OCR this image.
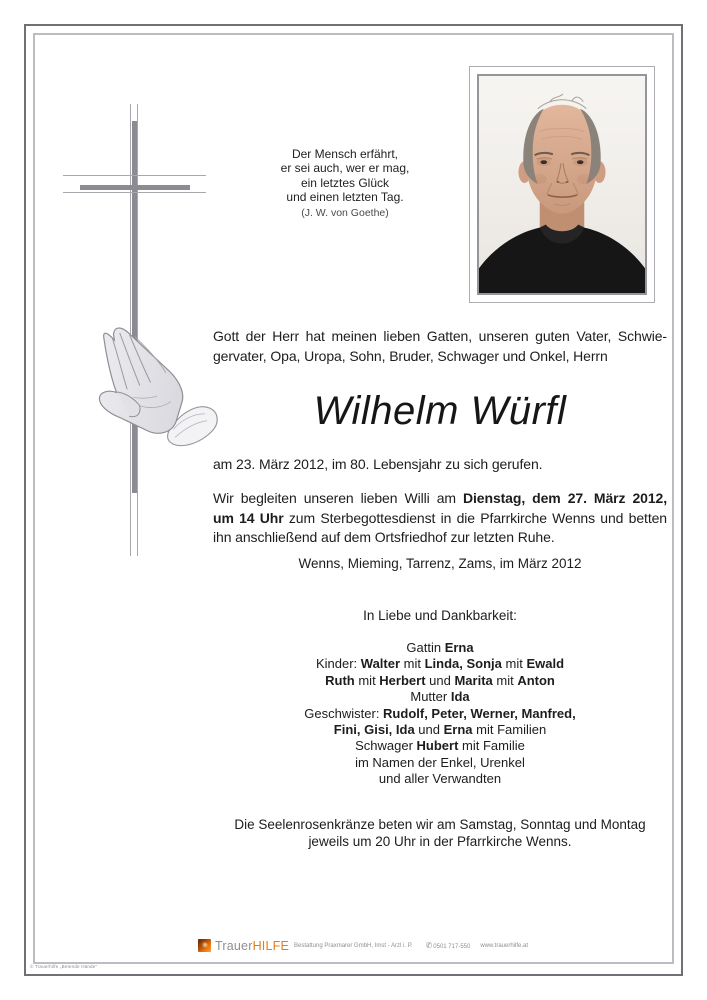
Der Mensch erfährt,
er sei auch, wer er mag,
ein letztes Glück
und einen letzten Tag.
(J. W. von Goethe)
Gott der Herr hat meinen lieben Gatten, unseren guten Vater, Schwie-
gervater, Opa, Uropa, Sohn, Bruder, Schwager und Onkel, Herrn
Wilhelm Würfl
am 23. März 2012, im 80. Lebensjahr zu sich gerufen.
Wir begleiten unseren lieben Willi am Dienstag, dem 27. März 2012,
um 14 Uhr zum Sterbegottesdienst in die Pfarrkirche Wenns und betten
ihn anschließend auf dem Ortsfriedhof zur letzten Ruhe.
Wenns, Mieming, Tarrenz, Zams, im März 2012
In Liebe und Dankbarkeit:
Gattin Erna
Kinder: Walter mit Linda, Sonja mit Ewald
Ruth mit Herbert und Marita mit Anton
Mutter Ida
Geschwister: Rudolf, Peter, Werner, Manfred,
Fini, Gisi, Ida und Erna mit Familien
Schwager Hubert mit Familie
im Namen der Enkel, Urenkel
und aller Verwandten
Die Seelenrosenkränze beten wir am Samstag, Sonntag und Montag
jeweils um 20 Uhr in der Pfarrkirche Wenns.
TrauerHILFE Bestattung Praxmarer GmbH, Imst - Arzl i. P. ✆0501 717-550 www.trauerhilfe.at
© Trauerhilfe „Betende Hände“
